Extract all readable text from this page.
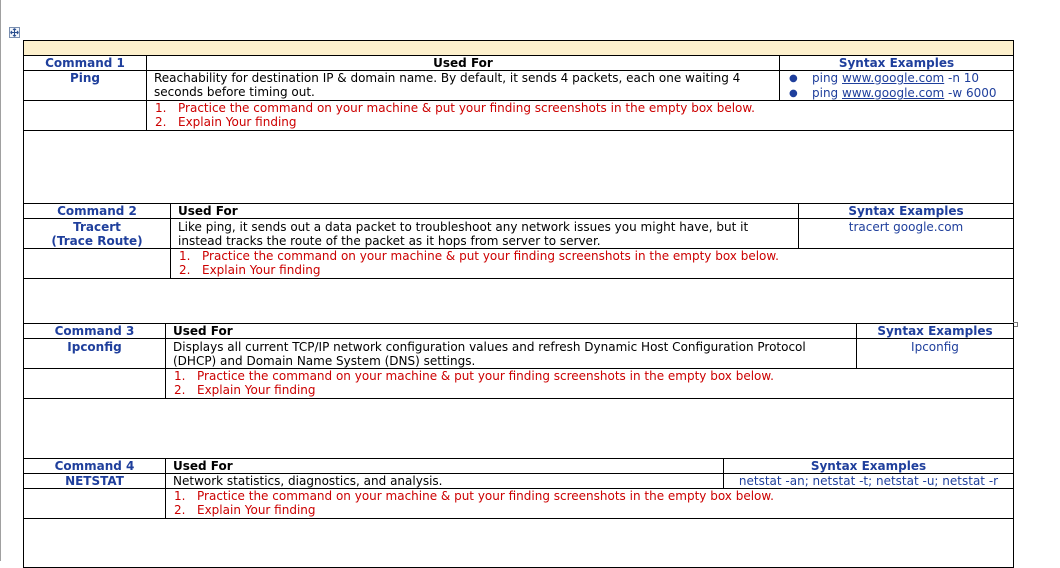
Command 1
Ping
Used For
Reachability for destination IP & domain name. By default, it sends 4 packets, each one waiting 4 seconds before timing out.
Syntax Examples
● ping www.google.com -n 10
● ping www.google.com -w 6000
1. Practice the command on your machine & put your finding screenshots in the empty box below.
2. Explain Your finding
Command 2
Tracert
(Trace Route)
Used For
Like ping, it sends out a data packet to troubleshoot any network issues you might have, but it instead tracks the route of the packet as it hops from server to server.
Syntax Examples
tracert google.com
1. Practice the command on your machine & put your finding screenshots in the empty box below.
2. Explain Your finding
Command 3
Ipconfig
Used For
Displays all current TCP/IP network configuration values and refresh Dynamic Host Configuration Protocol (DHCP) and Domain Name System (DNS) settings.
Syntax Examples
Ipconfig
1. Practice the command on your machine & put your finding screenshots in the empty box below.
2. Explain Your finding
Command 4
NETSTAT
Used For
Network statistics, diagnostics, and analysis.
Syntax Examples
netstat -an; netstat -t; netstat -u; netstat -r
1. Practice the command on your machine & put your finding screenshots in the empty box below.
2. Explain Your finding
